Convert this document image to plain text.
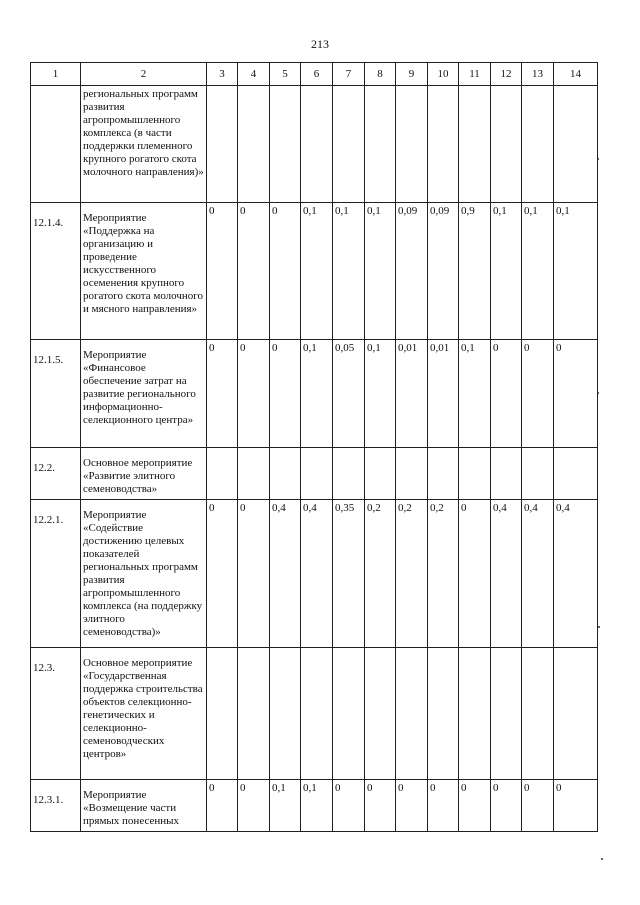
213
1	2	3	4	5	6	7	8	9	10	11	12	13	14
	региональных программ развития агропромышленного комплекса (в части поддержки племенного крупного рогатого скота молочного направления)»												
12.1.4.	Мероприятие «Поддержка на организацию и проведение искусственного осеменения крупного рогатого скота молочного и мясного направления»	0	0	0	0,1	0,1	0,1	0,09	0,09	0,9	0,1	0,1	0,1
12.1.5.	Мероприятие «Финансовое обеспечение затрат на развитие регионального информационно-селекционного центра»	0	0	0	0,1	0,05	0,1	0,01	0,01	0,1	0	0	0
12.2.	Основное мероприятие «Развитие элитного семеноводства»												
12.2.1.	Мероприятие «Содействие достижению целевых показателей региональных программ развития агропромышленного комплекса (на поддержку элитного семеноводства)»	0	0	0,4	0,4	0,35	0,2	0,2	0,2	0	0,4	0,4	0,4
12.3.	Основное мероприятие «Государственная поддержка строительства объектов селекционно-генетических и селекционно-семеноводческих центров»												
12.3.1.	Мероприятие «Возмещение части прямых понесенных	0	0	0,1	0,1	0	0	0	0	0	0	0	0
